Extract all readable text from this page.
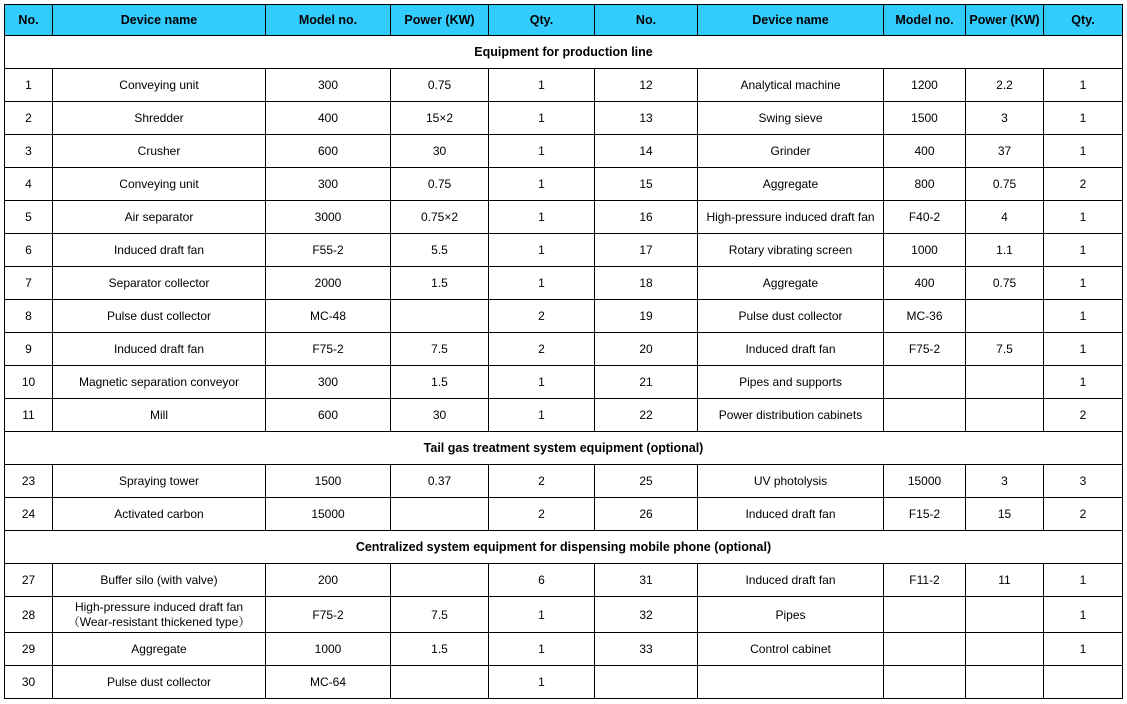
No.	Device name	Model no.	Power (KW)	Qty.	No.	Device name	Model no.	Power (KW)	Qty.
Equipment for production line									
1	Conveying unit	300	0.75	1	12	Analytical machine	1200	2.2	1
2	Shredder	400	15×2	1	13	Swing sieve	1500	3	1
3	Crusher	600	30	1	14	Grinder	400	37	1
4	Conveying unit	300	0.75	1	15	Aggregate	800	0.75	2
5	Air separator	3000	0.75×2	1	16	High-pressure induced draft fan	F40-2	4	1
6	Induced draft fan	F55-2	5.5	1	17	Rotary vibrating screen	1000	1.1	1
7	Separator collector	2000	1.5	1	18	Aggregate	400	0.75	1
8	Pulse dust collector	MC-48		2	19	Pulse dust collector	MC-36		1
9	Induced draft fan	F75-2	7.5	2	20	Induced draft fan	F75-2	7.5	1
10	Magnetic separation conveyor	300	1.5	1	21	Pipes and supports			1
11	Mill	600	30	1	22	Power distribution cabinets			2
Tail gas treatment system equipment (optional)									
23	Spraying tower	1500	0.37	2	25	UV photolysis	15000	3	3
24	Activated carbon	15000		2	26	Induced draft fan	F15-2	15	2
Centralized system equipment for dispensing mobile phone (optional)									
27	Buffer silo (with valve)	200		6	31	Induced draft fan	F11-2	11	1
28	High-pressure induced draft fan
（Wear-resistant thickened type）	F75-2	7.5	1	32	Pipes			1
29	Aggregate	1000	1.5	1	33	Control cabinet			1
30	Pulse dust collector	MC-64		1					
